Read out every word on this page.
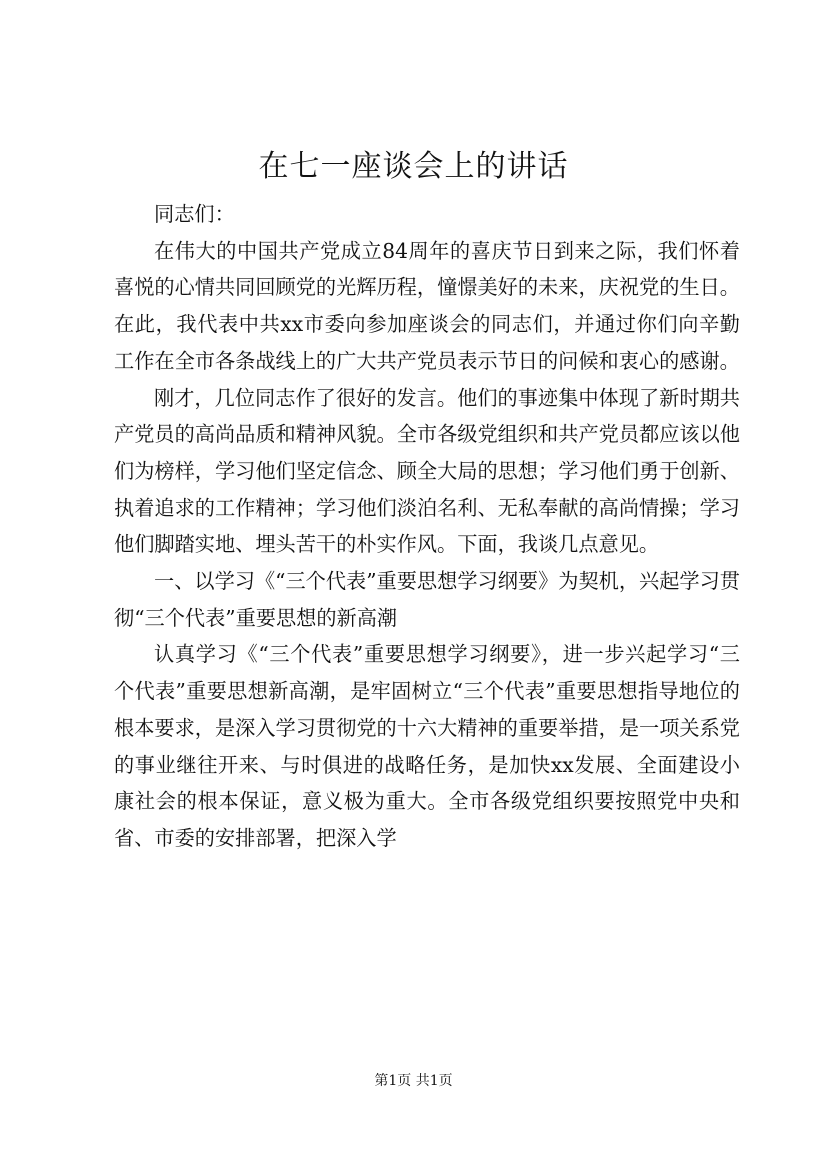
在七一座谈会上的讲话

同志们：

在伟大的中国共产党成立84周年的喜庆节日到来之际，我们怀着喜悦的心情共同回顾党的光辉历程，憧憬美好的未来，庆祝党的生日。在此，我代表中共xx市委向参加座谈会的同志们，并通过你们向辛勤工作在全市各条战线上的广大共产党员表示节日的问候和衷心的感谢。

刚才，几位同志作了很好的发言。他们的事迹集中体现了新时期共产党员的高尚品质和精神风貌。全市各级党组织和共产党员都应该以他们为榜样，学习他们坚定信念、顾全大局的思想；学习他们勇于创新、执着追求的工作精神；学习他们淡泊名利、无私奉献的高尚情操；学习他们脚踏实地、埋头苦干的朴实作风。下面，我谈几点意见。

一、以学习《“三个代表”重要思想学习纲要》为契机，兴起学习贯彻“三个代表”重要思想的新高潮

认真学习《“三个代表”重要思想学习纲要》，进一步兴起学习“三个代表”重要思想新高潮，是牢固树立“三个代表”重要思想指导地位的根本要求，是深入学习贯彻党的十六大精神的重要举措，是一项关系党的事业继往开来、与时俱进的战略任务，是加快xx发展、全面建设小康社会的根本保证，意义极为重大。全市各级党组织要按照党中央和省、市委的安排部署，把深入学

第1页 共1页
